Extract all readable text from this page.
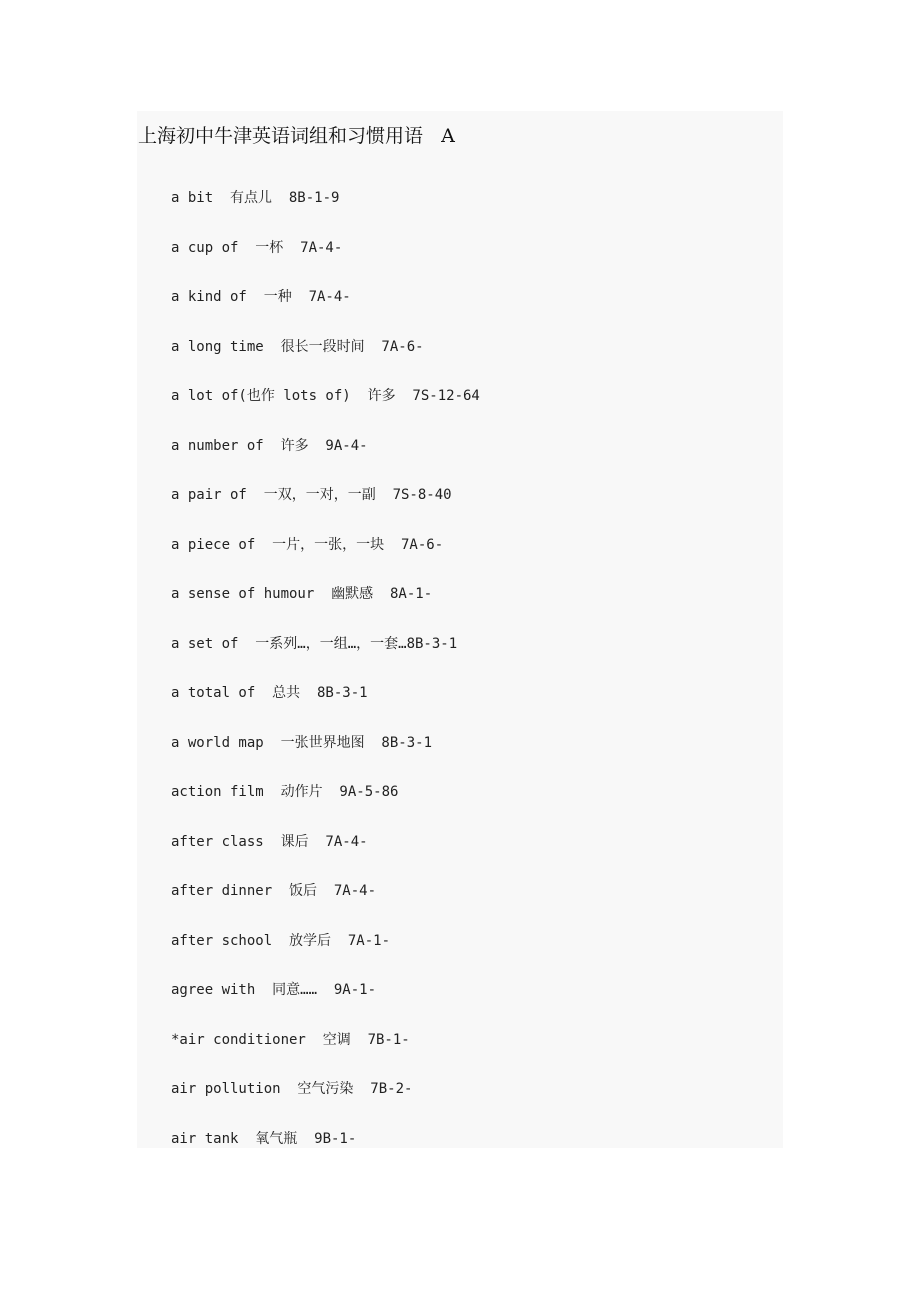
上海初中牛津英语词组和习惯用语   A
a bit  有点儿  8B-1-9
a cup of  一杯  7A-4-
a kind of  一种  7A-4-
a long time  很长一段时间  7A-6-
a lot of(也作 lots of)  许多  7S-12-64
a number of  许多  9A-4-
a pair of  一双，一对，一副  7S-8-40
a piece of  一片，一张，一块  7A-6-
a sense of humour  幽默感  8A-1-
a set of  一系列…，一组…，一套…8B-3-1
a total of  总共  8B-3-1
a world map  一张世界地图  8B-3-1
action film  动作片  9A-5-86
after class  课后  7A-4-
after dinner  饭后  7A-4-
after school  放学后  7A-1-
agree with  同意……  9A-1-
*air conditioner  空调  7B-1-
air pollution  空气污染  7B-2-
air tank  氧气瓶  9B-1-
